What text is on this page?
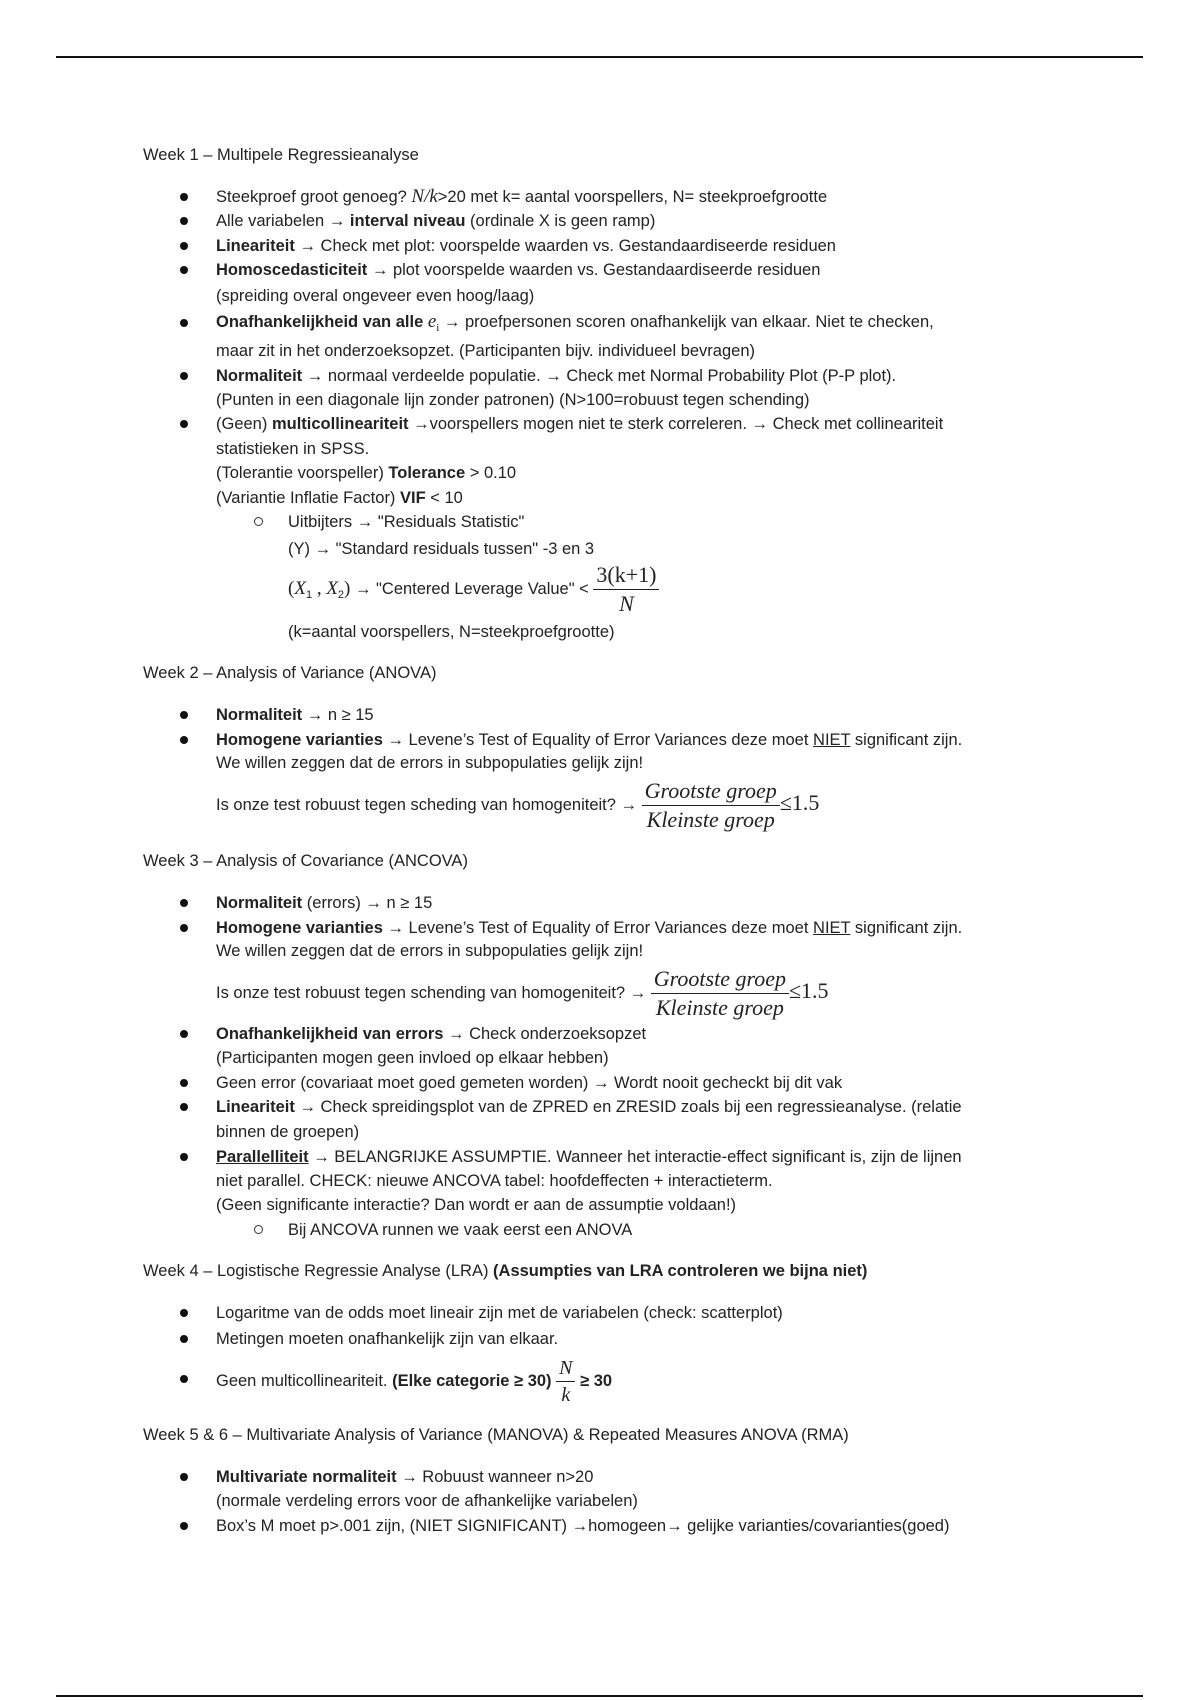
Week 1 – Multipele Regressieanalyse
Steekproef groot genoeg? N/k>20 met k= aantal voorspellers, N= steekproefgrootte
Alle variabelen → interval niveau (ordinale X is geen ramp)
Lineariteit → Check met plot: voorspelde waarden vs. Gestandaardiseerde residuen
Homoscedasticiteit → plot voorspelde waarden vs. Gestandaardiseerde residuen
(spreiding overal ongeveer even hoog/laag)
Onafhankelijkheid van alle $e_i$ → proefpersonen scoren onafhankelijk van elkaar. Niet te checken,
maar zit in het onderzoeksopzet. (Participanten bijv. individueel bevragen)
Normaliteit → normaal verdeelde populatie. → Check met Normal Probability Plot (P-P plot).
(Punten in een diagonale lijn zonder patronen) (N>100=robuust tegen schending)
(Geen) multicollineariteit →voorspellers mogen niet te sterk correleren. → Check met collineariteit
statistieken in SPSS.
(Tolerantie voorspeller) Tolerance > 0.10
(Variantie Inflatie Factor) VIF < 10
Uitbijters → "Residuals Statistic"
(Y) → "Standard residuals tussen" -3 en 3
($X_1$ , $X_2$) → "Centered Leverage Value" < $\frac{3(k+1)}{N}$
(k=aantal voorspellers, N=steekproefgrootte)
Week 2 – Analysis of Variance (ANOVA)
Normaliteit → n ≥ 15
Homogene varianties → Levene’s Test of Equality of Error Variances deze moet NIET significant zijn.
We willen zeggen dat de errors in subpopulaties gelijk zijn!
Is onze test robuust tegen scheding van homogeniteit? → $\frac{\text{Grootste groep}}{\text{Kleinste groep}} \le 1.5$
Week 3 – Analysis of Covariance (ANCOVA)
Normaliteit (errors) → n ≥ 15
Homogene varianties → Levene’s Test of Equality of Error Variances deze moet NIET significant zijn.
We willen zeggen dat de errors in subpopulaties gelijk zijn!
Is onze test robuust tegen schending van homogeniteit? → $\frac{\text{Grootste groep}}{\text{Kleinste groep}} \le 1.5$
Onafhankelijkheid van errors → Check onderzoeksopzet
(Participanten mogen geen invloed op elkaar hebben)
Geen error (covariaat moet goed gemeten worden) → Wordt nooit gecheckt bij dit vak
Lineariteit → Check spreidingsplot van de ZPRED en ZRESID zoals bij een regressieanalyse. (relatie
binnen de groepen)
Parallelliteit → BELANGRIJKE ASSUMPTIE. Wanneer het interactie-effect significant is, zijn de lijnen
niet parallel. CHECK: nieuwe ANCOVA tabel: hoofdeffecten + interactieterm.
(Geen significante interactie? Dan wordt er aan de assumptie voldaan!)
Bij ANCOVA runnen we vaak eerst een ANOVA
Week 4 – Logistische Regressie Analyse (LRA) (Assumpties van LRA controleren we bijna niet)
Logaritme van de odds moet lineair zijn met de variabelen (check: scatterplot)
Metingen moeten onafhankelijk zijn van elkaar.
Geen multicollineariteit. (Elke categorie ≥ $30) \frac{N}{k} \ge 30$
Week 5 & 6 – Multivariate Analysis of Variance (MANOVA) & Repeated Measures ANOVA (RMA)
Multivariate normaliteit → Robuust wanneer n>20
(normale verdeling errors voor de afhankelijke variabelen)
Box’s M moet p>.001 zijn, (NIET SIGNIFICANT) →homogeen→ gelijke varianties/covarianties(goed)
